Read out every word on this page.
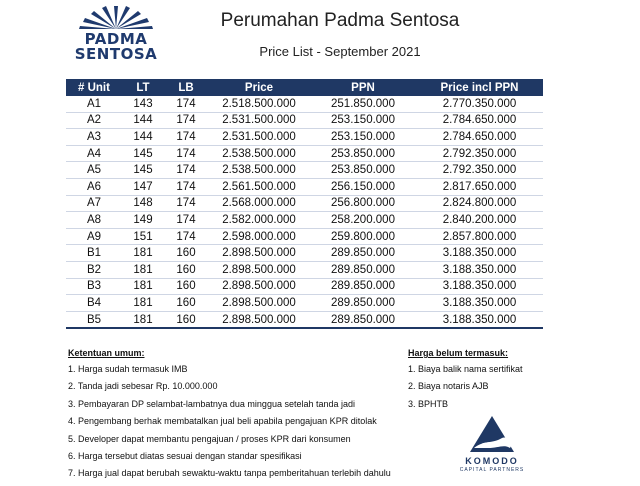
PADMA
SENTOSA
Perumahan Padma Sentosa
Price List - September 2021
# Unit	LT	LB	Price	PPN	Price incl PPN
A1	143	174	2.518.500.000	251.850.000	2.770.350.000
A2	144	174	2.531.500.000	253.150.000	2.784.650.000
A3	144	174	2.531.500.000	253.150.000	2.784.650.000
A4	145	174	2.538.500.000	253.850.000	2.792.350.000
A5	145	174	2.538.500.000	253.850.000	2.792.350.000
A6	147	174	2.561.500.000	256.150.000	2.817.650.000
A7	148	174	2.568.000.000	256.800.000	2.824.800.000
A8	149	174	2.582.000.000	258.200.000	2.840.200.000
A9	151	174	2.598.000.000	259.800.000	2.857.800.000
B1	181	160	2.898.500.000	289.850.000	3.188.350.000
B2	181	160	2.898.500.000	289.850.000	3.188.350.000
B3	181	160	2.898.500.000	289.850.000	3.188.350.000
B4	181	160	2.898.500.000	289.850.000	3.188.350.000
B5	181	160	2.898.500.000	289.850.000	3.188.350.000
Ketentuan umum:
1. Harga sudah termasuk IMB
2. Tanda jadi sebesar Rp. 10.000.000
3. Pembayaran DP selambat-lambatnya dua minggua setelah tanda jadi
4. Pengembang berhak membatalkan jual beli apabila pengajuan KPR ditolak
5. Developer dapat membantu pengajuan / proses KPR dari konsumen
6. Harga tersebut diatas sesuai dengan standar spesifikasi
7. Harga jual dapat berubah sewaktu-waktu tanpa pemberitahuan terlebih dahulu
Harga belum termasuk:
1. Biaya balik nama sertifikat
2. Biaya notaris AJB
3. BPHTB
KOMODO
CAPITAL PARTNERS
